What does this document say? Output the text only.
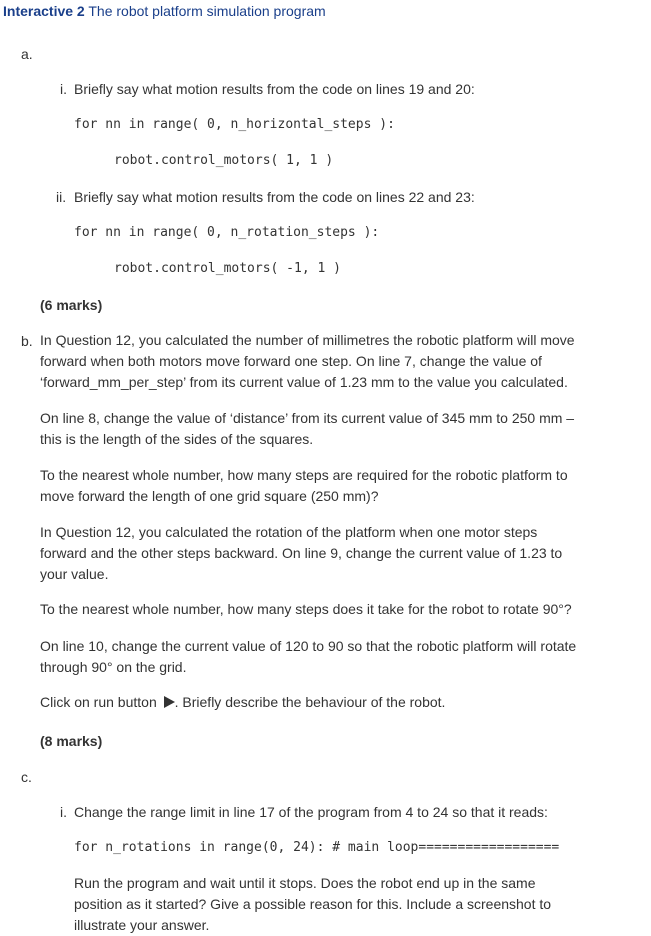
Interactive 2 The robot platform simulation program
a.
i. Briefly say what motion results from the code on lines 19 and 20:
for nn in range( 0, n_horizontal_steps ):
robot.control_motors( 1, 1 )
ii. Briefly say what motion results from the code on lines 22 and 23:
for nn in range( 0, n_rotation_steps ):
robot.control_motors( -1, 1 )
(6 marks)
b. In Question 12, you calculated the number of millimetres the robotic platform will move forward when both motors move forward one step. On line 7, change the value of ‘forward_mm_per_step’ from its current value of 1.23 mm to the value you calculated.
On line 8, change the value of ‘distance’ from its current value of 345 mm to 250 mm – this is the length of the sides of the squares.
To the nearest whole number, how many steps are required for the robotic platform to move forward the length of one grid square (250 mm)?
In Question 12, you calculated the rotation of the platform when one motor steps forward and the other steps backward. On line 9, change the current value of 1.23 to your value.
To the nearest whole number, how many steps does it take for the robot to rotate 90°?
On line 10, change the current value of 120 to 90 so that the robotic platform will rotate through 90° on the grid.
Click on run button . Briefly describe the behaviour of the robot.
(8 marks)
c.
i. Change the range limit in line 17 of the program from 4 to 24 so that it reads:
for n_rotations in range(0, 24): # main loop==================
Run the program and wait until it stops. Does the robot end up in the same position as it started? Give a possible reason for this. Include a screenshot to illustrate your answer.
